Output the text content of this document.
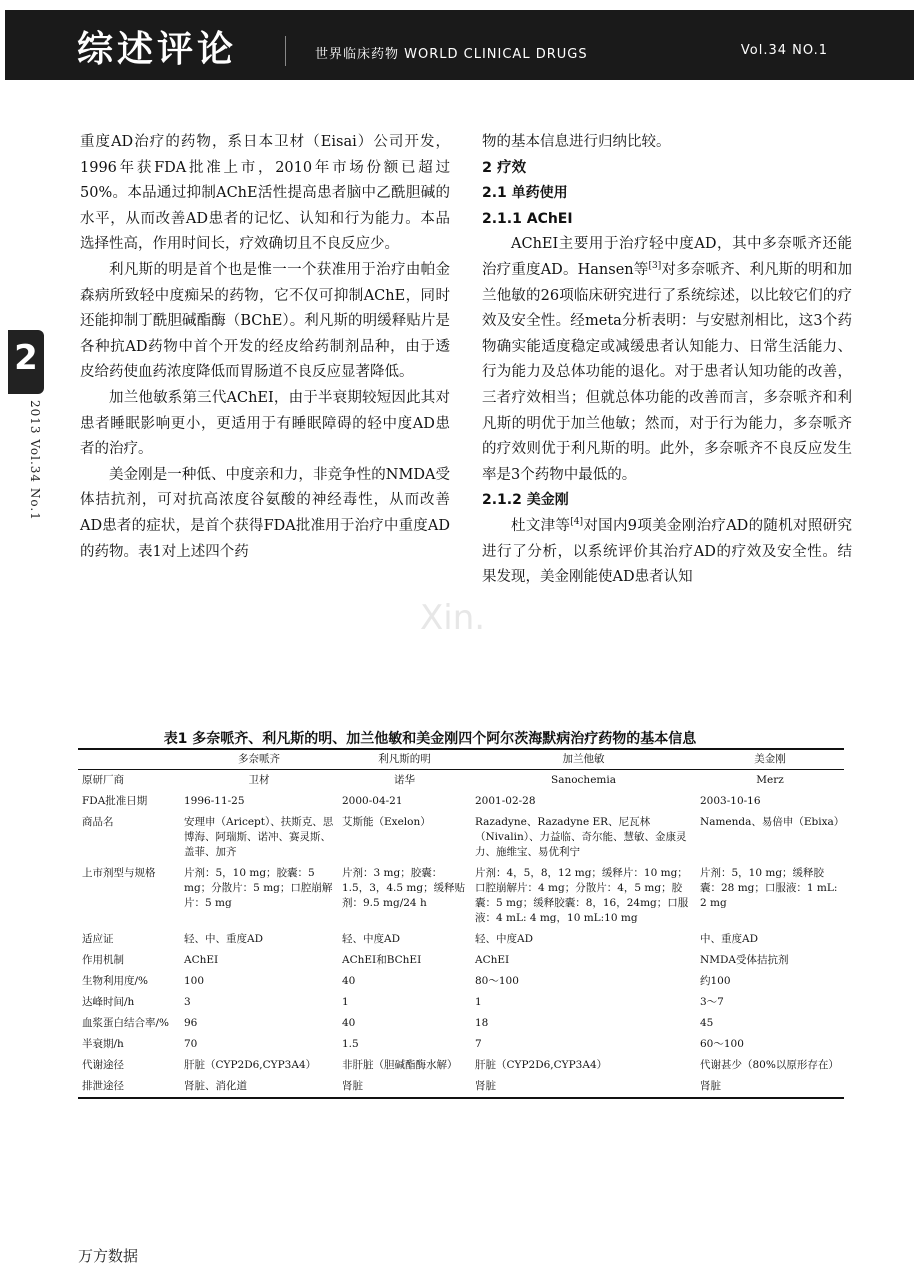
综述评论	世界临床药物 WORLD CLINICAL DRUGS	Vol.34 NO.1
2
2013 Vol.34 No.1
Xin.

重度AD治疗的药物，系日本卫材（Eisai）公司开发，1996年获FDA批准上市，2010年市场份额已超过50%。本品通过抑制AChE活性提高患者脑中乙酰胆碱的水平，从而改善AD患者的记忆、认知和行为能力。本品选择性高，作用时间长，疗效确切且不良反应少。

利凡斯的明是首个也是惟一一个获准用于治疗由帕金森病所致轻中度痴呆的药物，它不仅可抑制AChE，同时还能抑制丁酰胆碱酯酶（BChE）。利凡斯的明缓释贴片是各种抗AD药物中首个开发的经皮给药制剂品种，由于透皮给药使血药浓度降低而胃肠道不良反应显著降低。

加兰他敏系第三代AChEI，由于半衰期较短因此其对患者睡眠影响更小，更适用于有睡眠障碍的轻中度AD患者的治疗。

美金刚是一种低、中度亲和力，非竞争性的NMDA受体拮抗剂，可对抗高浓度谷氨酸的神经毒性，从而改善AD患者的症状，是首个获得FDA批准用于治疗中重度AD的药物。表1对上述四个药

物的基本信息进行归纳比较。

2 疗效

2.1 单药使用

2.1.1 AChEI

AChEI主要用于治疗轻中度AD，其中多奈哌齐还能治疗重度AD。Hansen等[3]对多奈哌齐、利凡斯的明和加兰他敏的26项临床研究进行了系统综述，以比较它们的疗效及安全性。经meta分析表明：与安慰剂相比，这3个药物确实能适度稳定或减缓患者认知能力、日常生活能力、行为能力及总体功能的退化。对于患者认知功能的改善，三者疗效相当；但就总体功能的改善而言，多奈哌齐和利凡斯的明优于加兰他敏；然而，对于行为能力，多奈哌齐的疗效则优于利凡斯的明。此外，多奈哌齐不良反应发生率是3个药物中最低的。

2.1.2 美金刚

杜文津等[4]对国内9项美金刚治疗AD的随机对照研究进行了分析，以系统评价其治疗AD的疗效及安全性。结果发现，美金刚能使AD患者认知

表1 多奈哌齐、利凡斯的明、加兰他敏和美金刚四个阿尔茨海默病治疗药物的基本信息
	多奈哌齐	利凡斯的明	加兰他敏	美金刚
原研厂商	卫材	诺华	Sanochemia	Merz
FDA批准日期	1996-11-25	2000-04-21	2001-02-28	2003-10-16
商品名	安理申（Aricept）、扶斯克、思博海、阿瑞斯、诺冲、赛灵斯、盖菲、加齐	艾斯能（Exelon）	Razadyne、Razadyne ER、尼瓦林（Nivalin）、力益临、奇尔能、慧敏、金康灵力、施维宝、易优利宁	Namenda、易倍申（Ebixa）
上市剂型与规格	片剂：5，10 mg；胶囊：5 mg；分散片：5 mg；口腔崩解片：5 mg	片剂：3 mg；胶囊：1.5，3，4.5 mg；缓释贴剂：9.5 mg/24 h	片剂：4，5，8，12 mg；缓释片：10 mg；口腔崩解片：4 mg；分散片：4，5 mg；胶囊：5 mg；缓释胶囊：8，16，24mg；口服液：4 mL: 4 mg，10 mL:10 mg	片剂：5，10 mg；缓释胶囊：28 mg；口服液：1 mL: 2 mg
适应证	轻、中、重度AD	轻、中度AD	轻、中度AD	中、重度AD
作用机制	AChEI	AChEI和BChEI	AChEI	NMDA受体拮抗剂
生物利用度/%	100	40	80～100	约100
达峰时间/h	3	1	1	3～7
血浆蛋白结合率/%	96	40	18	45
半衰期/h	70	1.5	7	60～100
代谢途径	肝脏（CYP2D6,CYP3A4）	非肝脏（胆碱酯酶水解）	肝脏（CYP2D6,CYP3A4）	代谢甚少（80%以原形存在）
排泄途径	肾脏、消化道	肾脏	肾脏	肾脏
万方数据
